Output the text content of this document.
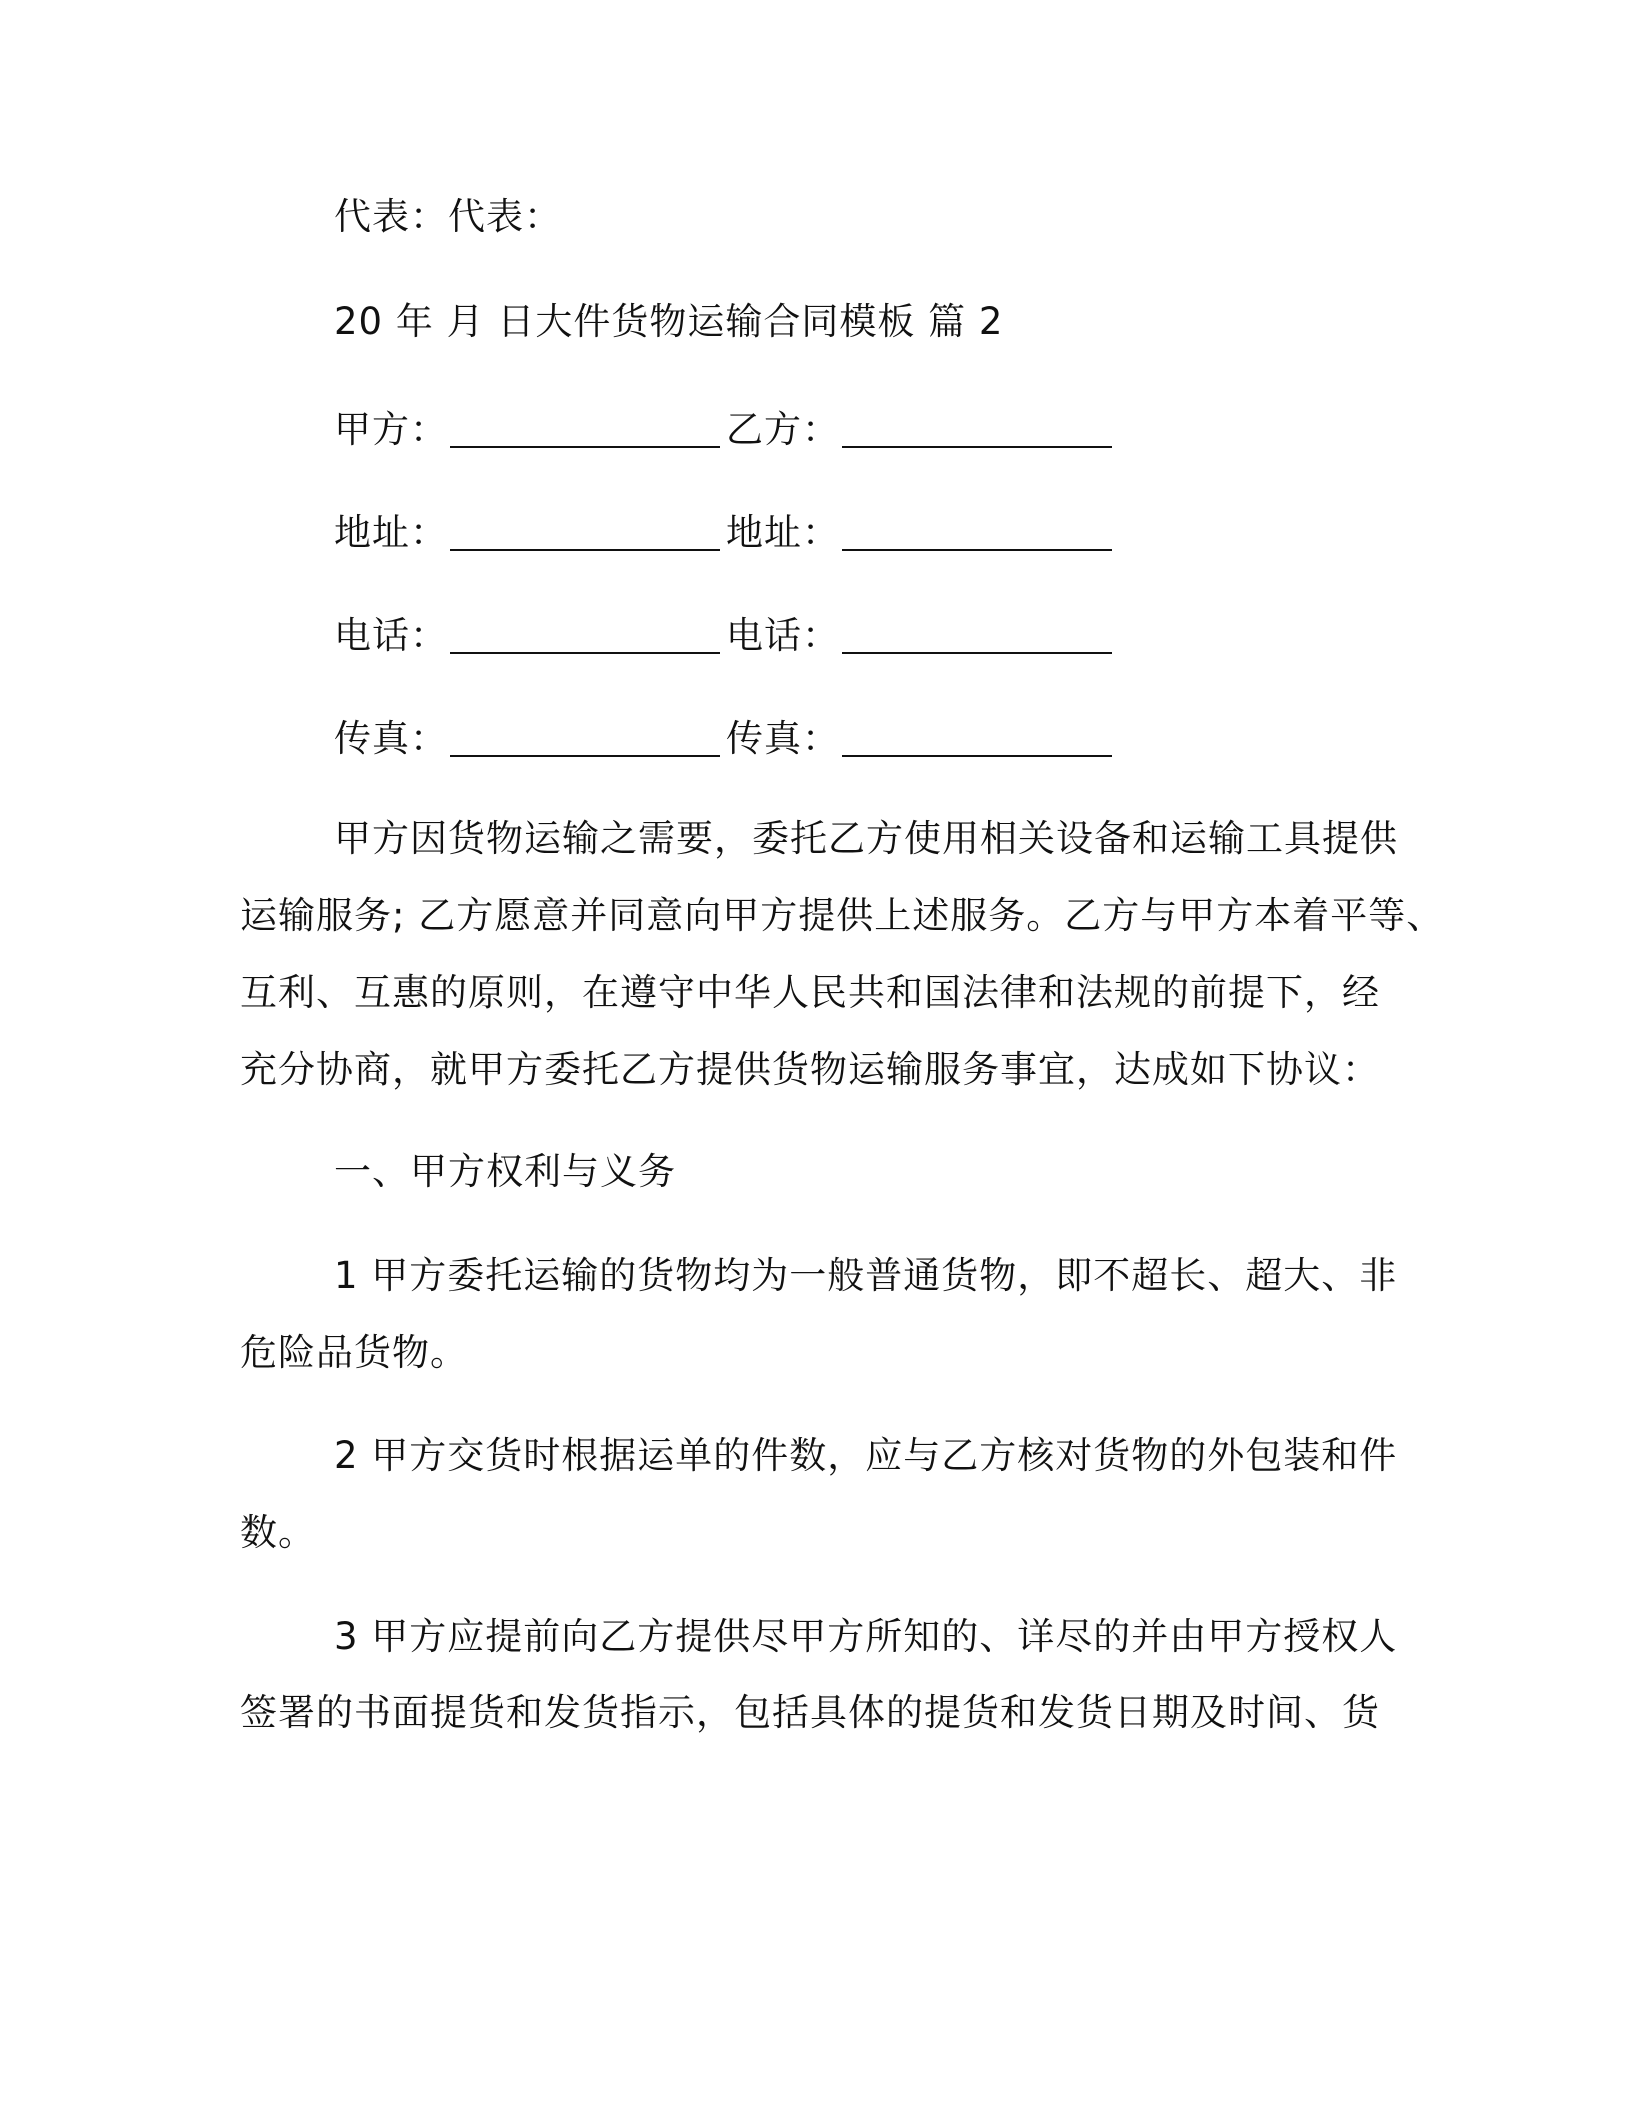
代表：代表：
20 年 月 日大件货物运输合同模板 篇 2
甲方：	乙方：
地址：	地址：
电话：	电话：
传真：	传真：
甲方因货物运输之需要，委托乙方使用相关设备和运输工具提供
运输服务; 乙方愿意并同意向甲方提供上述服务。乙方与甲方本着平等、
互利、互惠的原则，在遵守中华人民共和国法律和法规的前提下，经
充分协商，就甲方委托乙方提供货物运输服务事宜，达成如下协议：
一、甲方权利与义务
1 甲方委托运输的货物均为一般普通货物，即不超长、超大、非
危险品货物。
2 甲方交货时根据运单的件数，应与乙方核对货物的外包装和件
数。
3 甲方应提前向乙方提供尽甲方所知的、详尽的并由甲方授权人
签署的书面提货和发货指示，包括具体的提货和发货日期及时间、货
